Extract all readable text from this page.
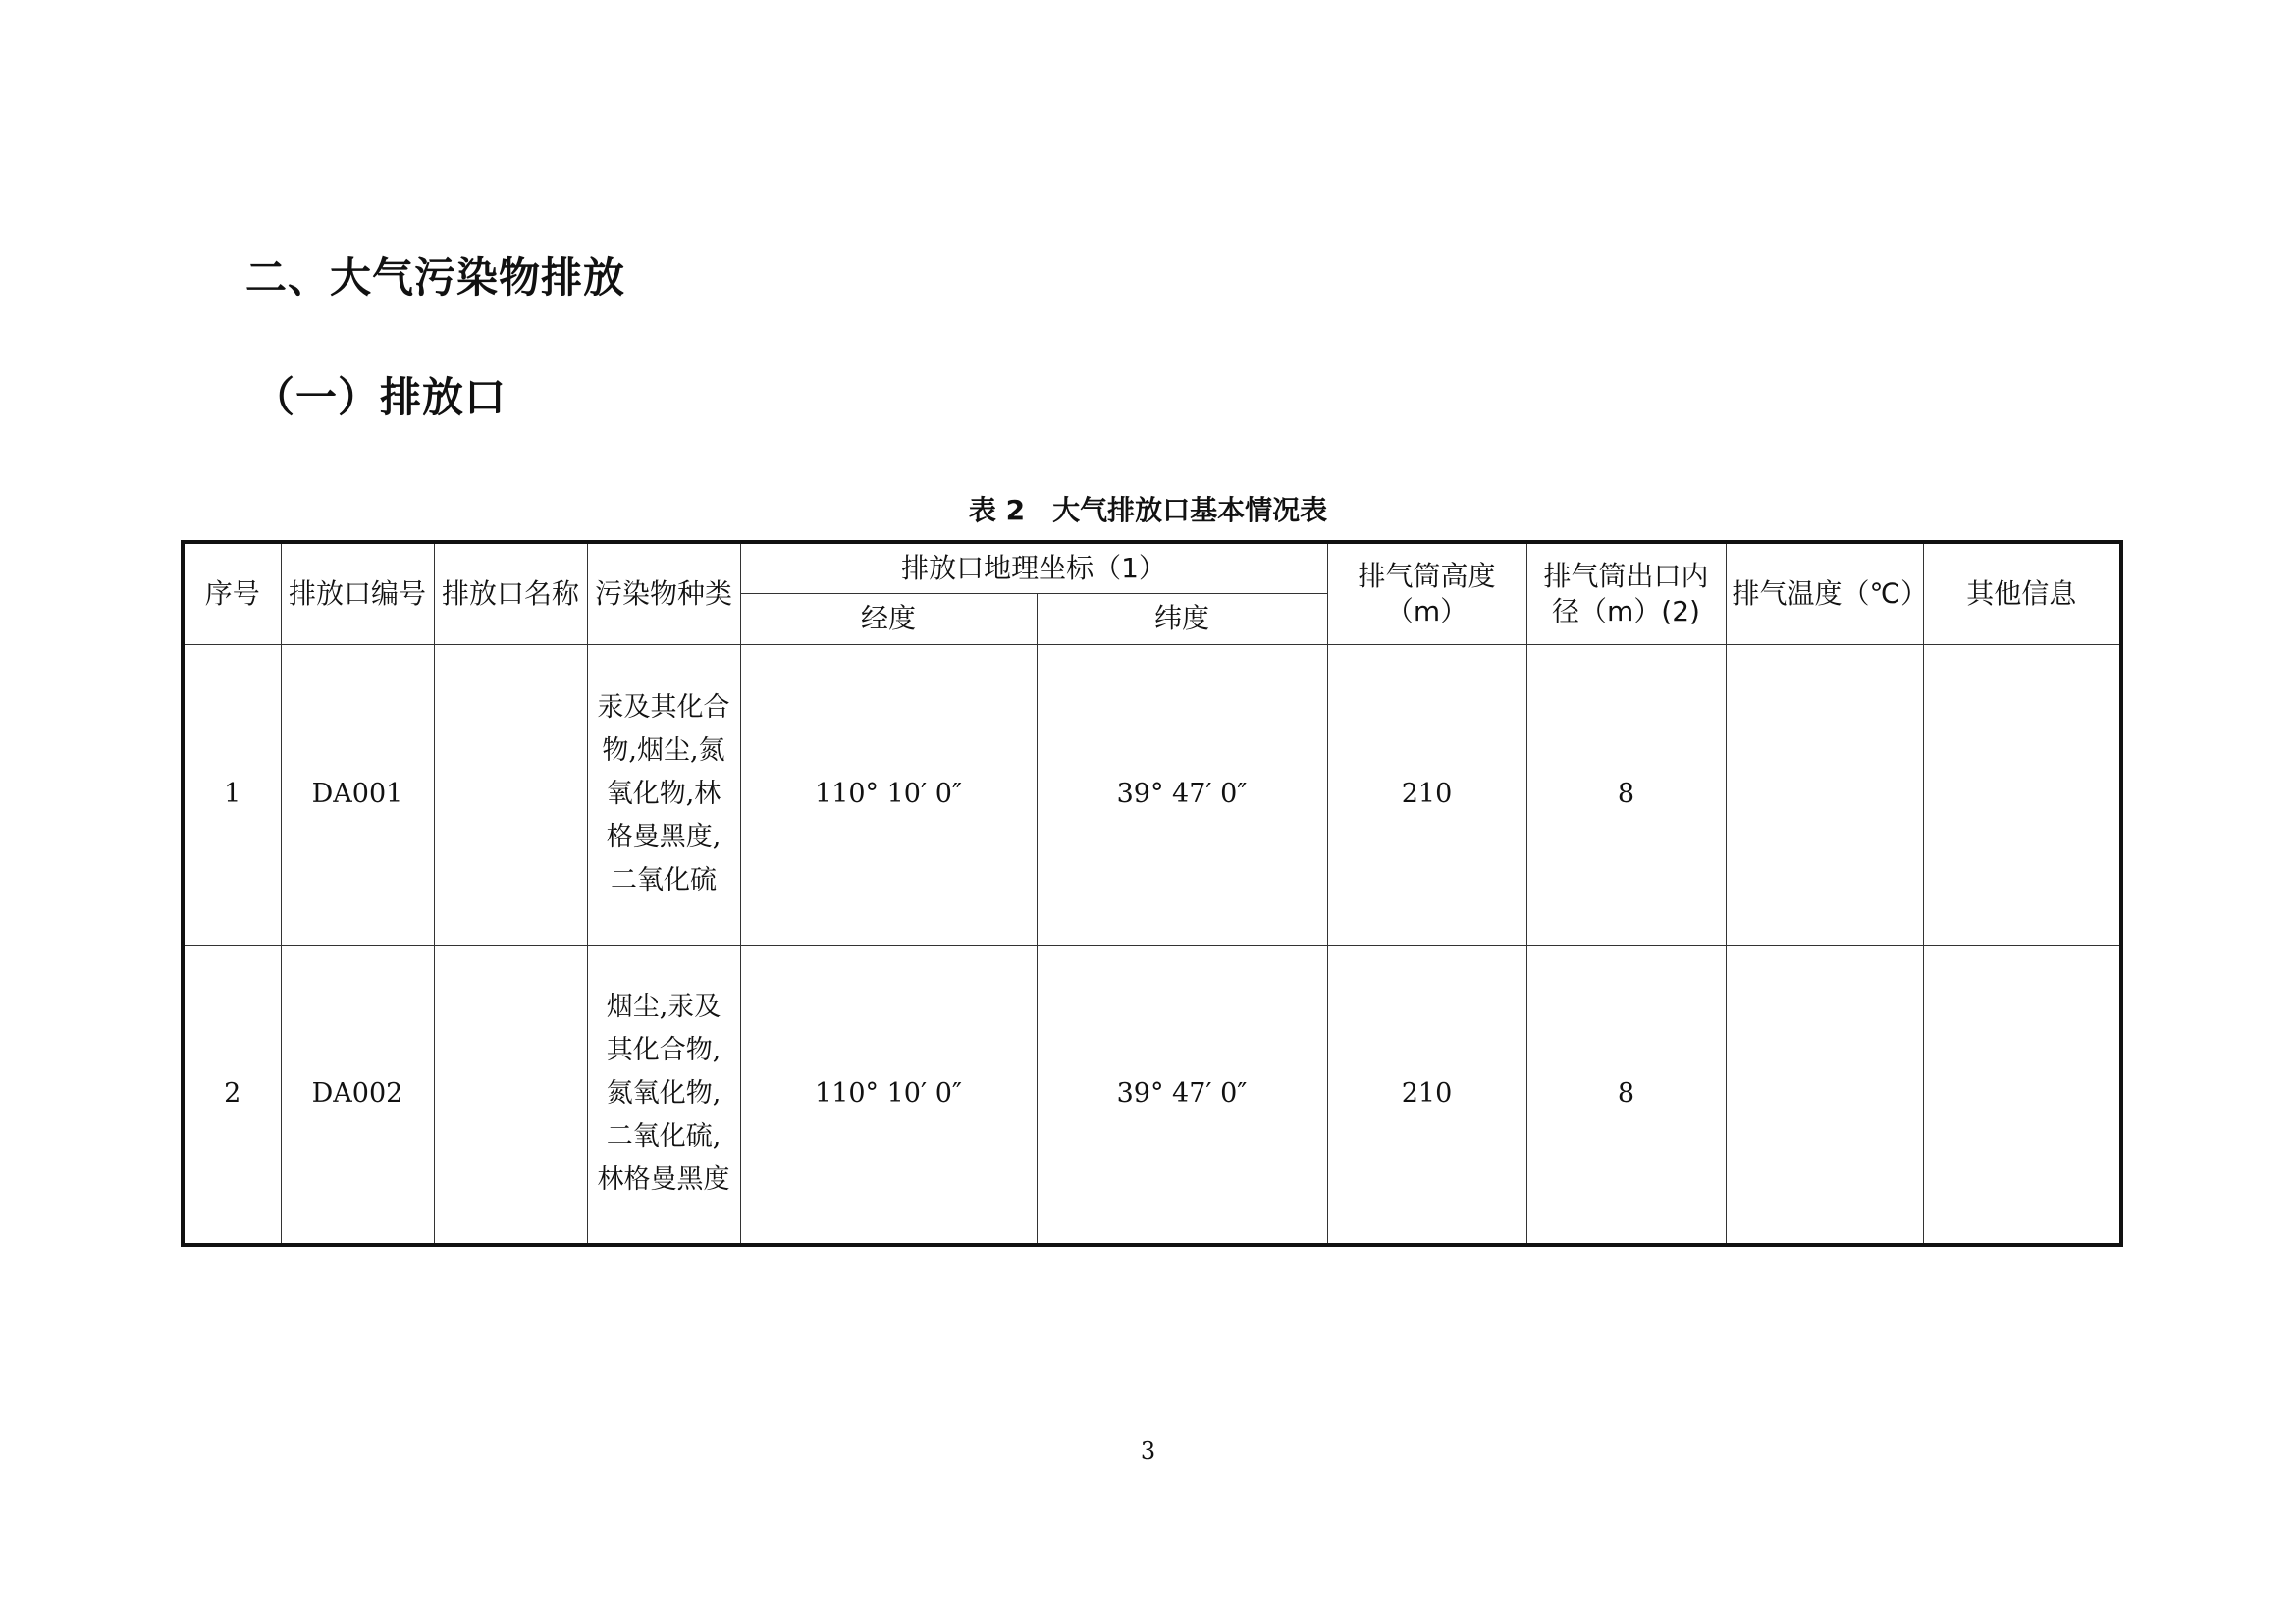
二、大气污染物排放
（一）排放口
表 2 大气排放口基本情况表
序号	排放口编号	排放口名称	污染物种类	排放口地理坐标（1）		排气筒高度（m）	排气筒出口内径（m）(2)	排气温度（℃）	其他信息
				经度	纬度				
1	DA001		汞及其化合物,烟尘,氮氧化物,林格曼黑度,二氧化硫	110° 10′ 0″	39° 47′ 0″	210	8		
2	DA002		烟尘,汞及其化合物,氮氧化物,二氧化硫,林格曼黑度	110° 10′ 0″	39° 47′ 0″	210	8		
3
